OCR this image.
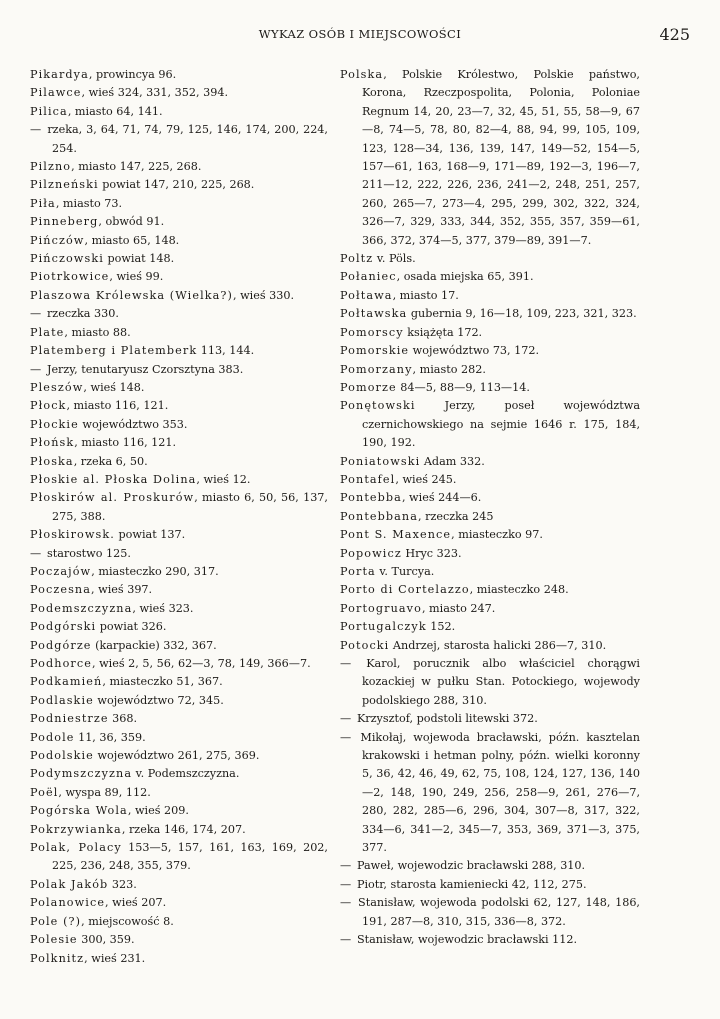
WYKAZ OSÓB I MIEJSCOWOŚCI	425
Pikardya, prowincya 96.
Pilawce, wieś 324, 331, 352, 394.
Pilica, miasto 64, 141.
— rzeka, 3, 64, 71, 74, 79, 125, 146, 174, 200, 224, 254.
Pilzno, miasto 147, 225, 268.
Pilzneński powiat 147, 210, 225, 268.
Piła, miasto 73.
Pinneberg, obwód 91.
Pińczów, miasto 65, 148.
Pińczowski powiat 148.
Piotrkowice, wieś 99.
Plaszowa Królewska (Wielka?), wieś 330.
— rzeczka 330.
Plate, miasto 88.
Platemberg i Platemberk 113, 144.
— Jerzy, tenutaryusz Czorsztyna 383.
Pleszów, wieś 148.
Płock, miasto 116, 121.
Płockie województwo 353.
Płońsk, miasto 116, 121.
Płoska, rzeka 6, 50.
Płoskie al. Płoska Dolina, wieś 12.
Płoskirów al. Proskurów, miasto 6, 50, 56, 137, 275, 388.
Płoskirowsk. powiat 137.
— starostwo 125.
Poczajów, miasteczko 290, 317.
Poczesna, wieś 397.
Podemszczyzna, wieś 323.
Podgórski powiat 326.
Podgórze (karpackie) 332, 367.
Podhorce, wieś 2, 5, 56, 62—3, 78, 149, 366—7.
Podkamień, miasteczko 51, 367.
Podlaskie województwo 72, 345.
Podniestrze 368.
Podole 11, 36, 359.
Podolskie województwo 261, 275, 369.
Podymszczyzna v. Podemszczyzna.
Poël, wyspa 89, 112.
Pogórska Wola, wieś 209.
Pokrzywianka, rzeka 146, 174, 207.
Polak, Polacy 153—5, 157, 161, 163, 169, 202, 225, 236, 248, 355, 379.
Polak Jakób 323.
Polanowice, wieś 207.
Pole (?), miejscowość 8.
Polesie 300, 359.
Polknitz, wieś 231.
Polska, Polskie Królestwo, Polskie państwo, Korona, Rzeczpospolita, Polonia, Poloniae Regnum 14, 20, 23—7, 32, 45, 51, 55, 58—9, 67—8, 74—5, 78, 80, 82—4, 88, 94, 99, 105, 109, 123, 128—34, 136, 139, 147, 149—52, 154—5, 157—61, 163, 168—9, 171—89, 192—3, 196—7, 211—12, 222, 226, 236, 241—2, 248, 251, 257, 260, 265—7, 273—4, 295, 299, 302, 322, 324, 326—7, 329, 333, 344, 352, 355, 357, 359—61, 366, 372, 374—5, 377, 379—89, 391—7.
Poltz v. Pöls.
Połaniec, osada miejska 65, 391.
Połtawa, miasto 17.
Połtawska gubernia 9, 16—18, 109, 223, 321, 323.
Pomorscy książęta 172.
Pomorskie województwo 73, 172.
Pomorzany, miasto 282.
Pomorze 84—5, 88—9, 113—14.
Ponętowski Jerzy, poseł województwa czernichowskiego na sejmie 1646 r. 175, 184, 190, 192.
Poniatowski Adam 332.
Pontafel, wieś 245.
Pontebba, wieś 244—6.
Pontebbana, rzeczka 245
Pont S. Maxence, miasteczko 97.
Popowicz Hryc 323.
Porta v. Turcya.
Porto di Cortelazzo, miasteczko 248.
Portogruavo, miasto 247.
Portugalczyk 152.
Potocki Andrzej, starosta halicki 286—7, 310.
— Karol, porucznik albo właściciel chorągwi kozackiej w pułku Stan. Potockiego, wojewody podolskiego 288, 310.
— Krzysztof, podstoli litewski 372.
— Mikołaj, wojewoda bracławski, późn. kasztelan krakowski i hetman polny, późn. wielki koronny 5, 36, 42, 46, 49, 62, 75, 108, 124, 127, 136, 140—2, 148, 190, 249, 256, 258—9, 261, 276—7, 280, 282, 285—6, 296, 304, 307—8, 317, 322, 334—6, 341—2, 345—7, 353, 369, 371—3, 375, 377.
— Paweł, wojewodzic bracławski 288, 310.
— Piotr, starosta kamieniecki 42, 112, 275.
— Stanisław, wojewoda podolski 62, 127, 148, 186, 191, 287—8, 310, 315, 336—8, 372.
— Stanisław, wojewodzic bracławski 112.
